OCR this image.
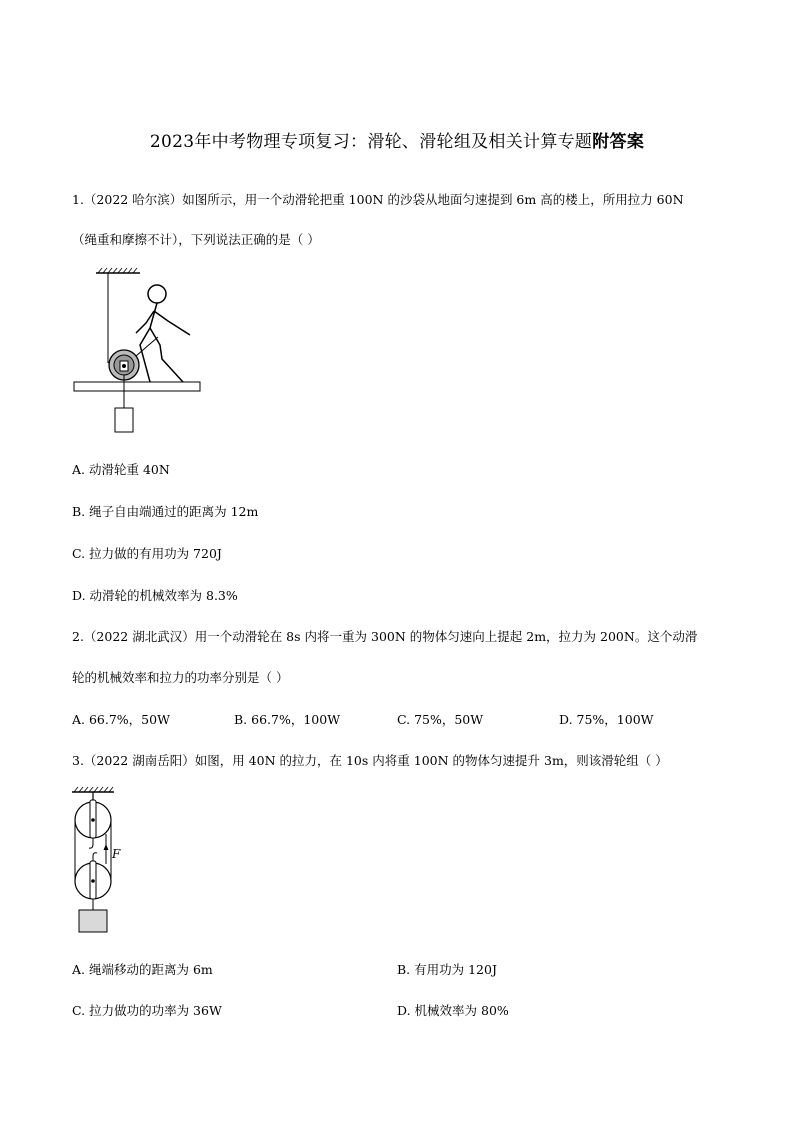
2023年中考物理专项复习：滑轮、滑轮组及相关计算专题附答案
1.（2022 哈尔滨）如图所示，用一个动滑轮把重 100N 的沙袋从地面匀速提到 6m 高的楼上，所用拉力 60N
（绳重和摩擦不计），下列说法正确的是（ ）
A. 动滑轮重 40N
B. 绳子自由端通过的距离为 12m
C. 拉力做的有用功为 720J
D. 动滑轮的机械效率为 8.3%
2.（2022 湖北武汉）用一个动滑轮在 8s 内将一重为 300N 的物体匀速向上提起 2m，拉力为 200N。这个动滑
轮的机械效率和拉力的功率分别是（ ）
A. 66.7%，50W	B. 66.7%，100W	C. 75%，50W	D. 75%，100W
3.（2022 湖南岳阳）如图，用 40N 的拉力，在 10s 内将重 100N 的物体匀速提升 3m，则该滑轮组（ ）
F
A. 绳端移动的距离为 6m	B. 有用功为 120J
C. 拉力做功的功率为 36W	D. 机械效率为 80%
